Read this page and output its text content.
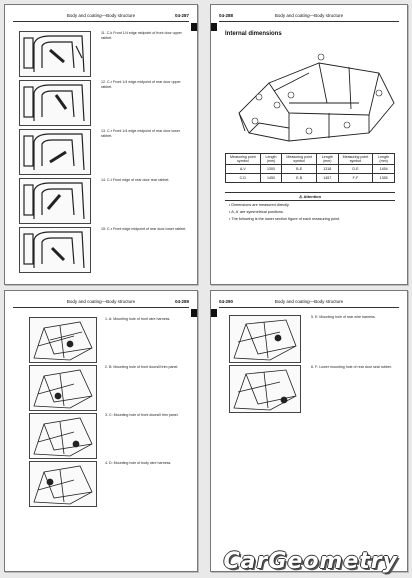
Body and coating—Body structure	04-287
11. C-k Front 1/4 edge midpoint of front door upper rabbet.
12. C-r Front 1/4 edge midpoint of rear door upper rabbet.
13. C-r Front 1/4 edge midpoint of rear door lower rabbet.
14. C-t Front edge of rear door rear rabbet.
15. C-r Front edge midpoint of rear door lower rabbet.
04-288	Body and coating—Body structure
Internal dimensions
Measuring point symbol	Length (mm)	Measuring point symbol	Length (mm)	Measuring point symbol	Length (mm)
A-V	1300	B-E	1318	D-E	1454
C-D	1450	E-B	1457	F-F	1355
⚠ Attention
• Dimensions are measured directly.
• A, A' are symmetrical positions.
• The following is the lower section figure of each measuring point.
Body and coating—Body structure	04-289
1. A: Mounting hole of front wire harness.
2. B: Mounting hole of front doorsill trim panel.
3. C: Mounting hole of front doorsill trim panel.
4. D: Mounting hole of body wire harness.
04-290	Body and coating—Body structure
5. E: Mounting hole of rear wire harness.
6. F: Lower mounting hole of rear door seal rubber.
CarGeometry
